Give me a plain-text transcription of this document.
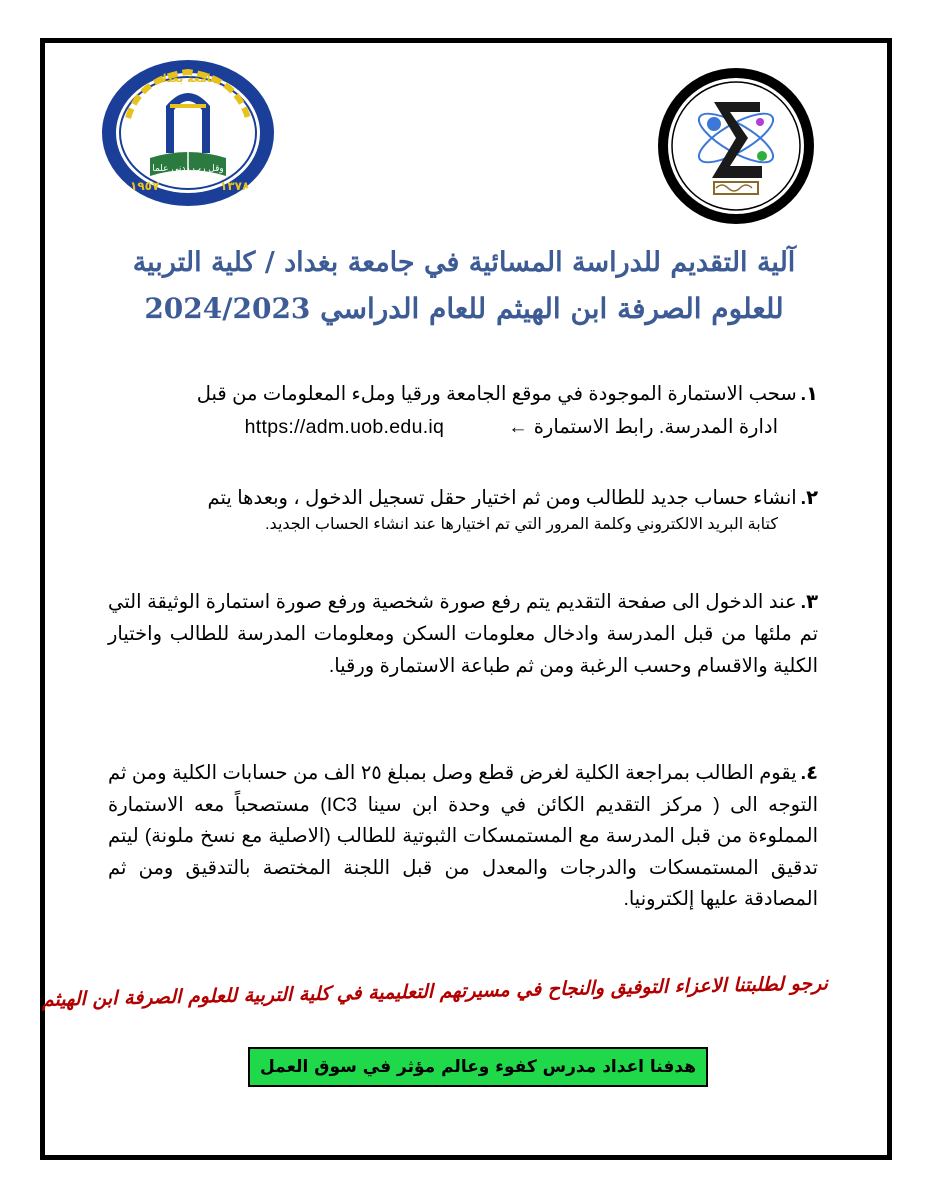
١٩٥٧	١٣٧٨
وقل رب زدني علما
جامعة بغداد
آلية التقديم للدراسة المسائية في جامعة بغداد / كلية التربية
للعلوم الصرفة ابن الهيثم للعام الدراسي 2024/2023

١.سحب الاستمارة الموجودة في موقع الجامعة ورقيا وملء المعلومات من قبل

ادارة المدرسة. رابط الاستمارة
←
https://adm.uob.edu.iq

٢.انشاء حساب جديد للطالب ومن ثم اختيار حقل تسجيل الدخول ، وبعدها يتم

كتابة البريد الالكتروني وكلمة المرور التي تم اختيارها عند انشاء الحساب الجديد.

٣.عند الدخول الى صفحة التقديم يتم رفع صورة شخصية ورفع صورة استمارة الوثيقة التي تم ملئها من قبل المدرسة وادخال معلومات السكن ومعلومات المدرسة للطالب واختيار الكلية والاقسام وحسب الرغبة ومن ثم طباعة الاستمارة ورقيا.

٤.يقوم الطالب بمراجعة الكلية لغرض قطع وصل بمبلغ ٢٥ الف من حسابات الكلية ومن ثم التوجه الى ( مركز التقديم الكائن في وحدة ابن سينا IC3) مستصحباً معه الاستمارة المملوءة من قبل المدرسة مع المستمسكات الثبوتية للطالب (الاصلية مع نسخ ملونة) ليتم تدقيق المستمسكات والدرجات والمعدل من قبل اللجنة المختصة بالتدقيق ومن ثم المصادقة عليها إلكترونيا.

نرجو لطلبتنا الاعزاء التوفيق والنجاح في مسيرتهم التعليمية في كلية التربية للعلوم الصرفة ابن الهيثم
هدفنا اعداد مدرس كفوء وعالم مؤثر في سوق العمل
